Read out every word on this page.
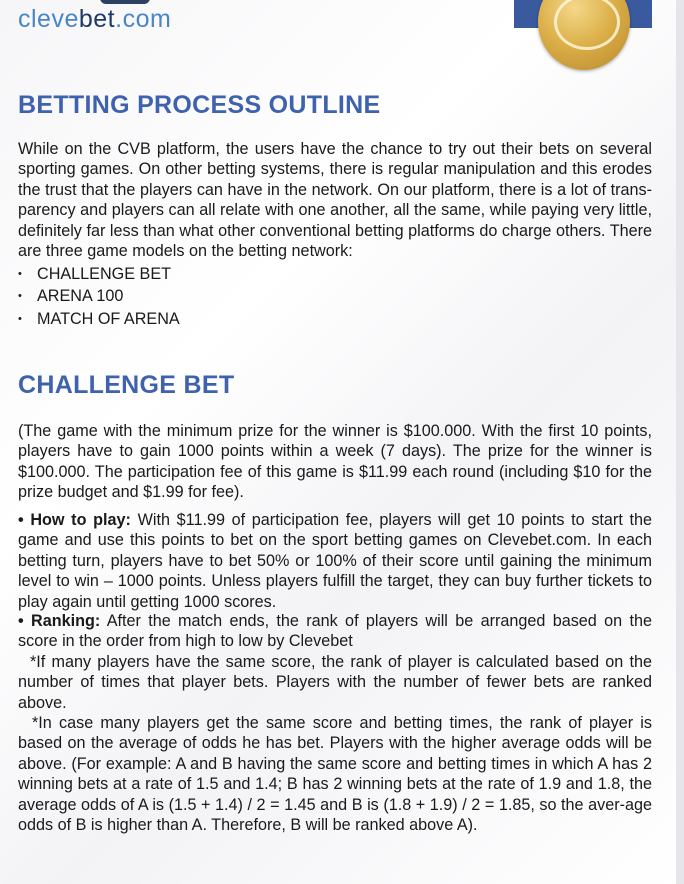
clevebet.com
BETTING PROCESS OUTLINE

While on the CVB platform, the users have the chance to try out their bets on several sporting games. On other betting systems, there is regular manipulation and this erodes the trust that the players can have in the network. On our platform, there is a lot of trans-parency and players can all relate with one another, all the same, while paying very little, definitely far less than what other conventional betting platforms do charge others. There are three game models on the betting network:

• CHALLENGE BET
• ARENA 100
• MATCH OF ARENA
CHALLENGE BET

(The game with the minimum prize for the winner is $100.000. With the first 10 points, players have to gain 1000 points within a week (7 days). The prize for the winner is $100.000. The participation fee of this game is $11.99 each round (including $10 for the prize budget and $1.99 for fee).

• How to play: With $11.99 of participation fee, players will get 10 points to start the game and use this points to bet on the sport betting games on Clevebet.com. In each betting turn, players have to bet 50% or 100% of their score until gaining the minimum level to win – 1000 points. Unless players fulfill the target, they can buy further tickets to play again until getting 1000 scores.

• Ranking: After the match ends, the rank of players will be arranged based on the score in the order from high to low by Clevebet

*If many players have the same score, the rank of player is calculated based on the number of times that player bets. Players with the number of fewer bets are ranked above.

*In case many players get the same score and betting times, the rank of player is based on the average of odds he has bet. Players with the higher average odds will be above. (For example: A and B having the same score and betting times in which A has 2 winning bets at a rate of 1.5 and 1.4; B has 2 winning bets at the rate of 1.9 and 1.8, the average odds of A is (1.5 + 1.4) / 2 = 1.45 and B is (1.8 + 1.9) / 2 = 1.85, so the aver-age odds of B is higher than A. Therefore, B will be ranked above A).
